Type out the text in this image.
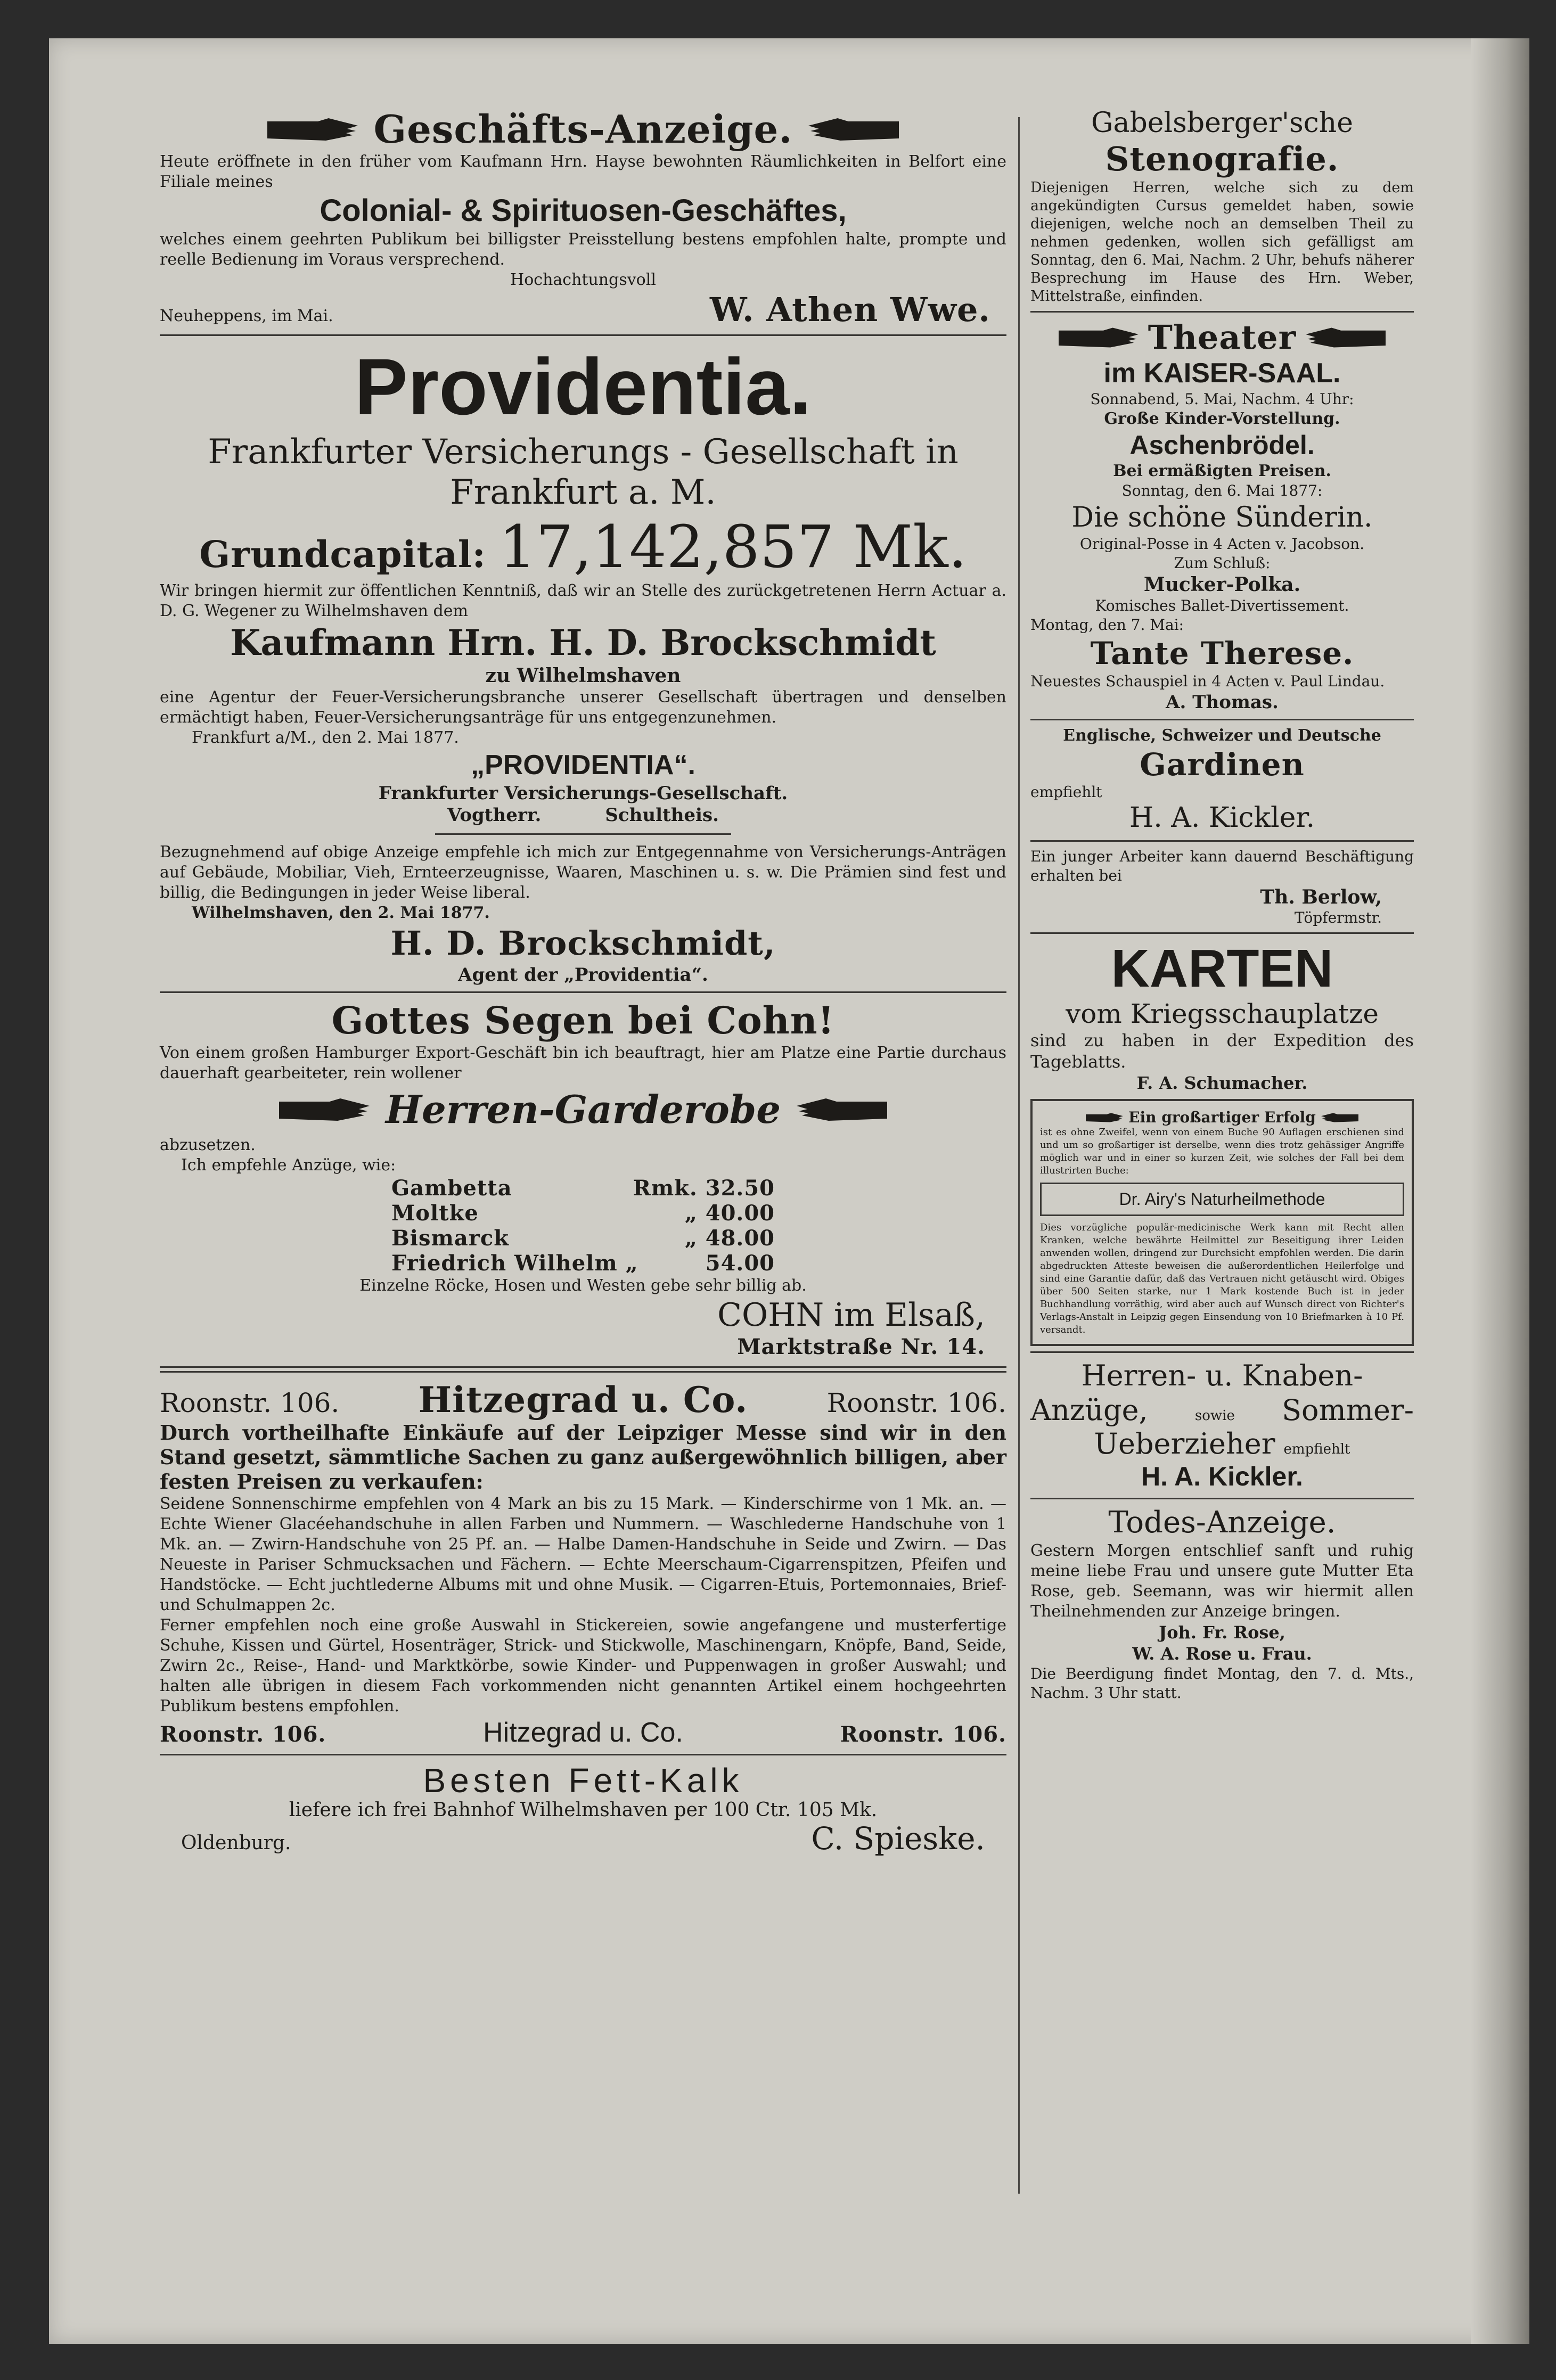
Geschäfts-Anzeige.

Heute eröffnete in den früher vom Kaufmann Hrn. Hayse bewohnten Räumlichkeiten in Belfort eine Filiale meines

Colonial- & Spirituosen-Geschäftes,

welches einem geehrten Publikum bei billigster Preisstellung bestens empfohlen halte, prompte und reelle Bedienung im Voraus versprechend.

Hochachtungsvoll

Neuheppens, im Mai.	W. Athen Wwe.

Providentia.

Frankfurter Versicherungs - Gesellschaft in

Frankfurt a. M.

Grundcapital: 17,142,857 Mk.

Wir bringen hiermit zur öffentlichen Kenntniß, daß wir an Stelle des zurückgetretenen Herrn Actuar a. D. G. Wegener zu Wilhelmshaven dem

Kaufmann Hrn. H. D. Brockschmidt

zu Wilhelmshaven

eine Agentur der Feuer-Versicherungsbranche unserer Gesellschaft übertragen und denselben ermächtigt haben, Feuer-Versicherungsanträge für uns entgegenzunehmen.

Frankfurt a/M., den 2. Mai 1877.

„PROVIDENTIA“.

Frankfurter Versicherungs-Gesellschaft.

Vogtherr.	Schultheis.

Bezugnehmend auf obige Anzeige empfehle ich mich zur Entgegennahme von Versicherungs-Anträgen auf Gebäude, Mobiliar, Vieh, Ernteerzeugnisse, Waaren, Maschinen u. s. w. Die Prämien sind fest und billig, die Bedingungen in jeder Weise liberal.

Wilhelmshaven, den 2. Mai 1877.

H. D. Brockschmidt,

Agent der „Providentia“.

Gottes Segen bei Cohn!

Von einem großen Hamburger Export-Geschäft bin ich beauftragt, hier am Platze eine Partie durchaus dauerhaft gearbeiteter, rein wollener

Herren-Garderobe

abzusetzen.

Ich empfehle Anzüge, wie:

Gambetta	Rmk. 32.50
Moltke	„ 40.00
Bismarck	„ 48.00
Friedrich Wilhelm „	54.00

Einzelne Röcke, Hosen und Westen gebe sehr billig ab.

COHN im Elsaß,

Marktstraße Nr. 14.

Roonstr. 106. Hitzegrad u. Co.	Roonstr. 106.

Durch vortheilhafte Einkäufe auf der Leipziger Messe sind wir in den Stand gesetzt, sämmtliche Sachen zu ganz außergewöhnlich billigen, aber festen Preisen zu verkaufen:

Seidene Sonnenschirme empfehlen von 4 Mark an bis zu 15 Mark. — Kinderschirme von 1 Mk. an. — Echte Wiener Glacéehandschuhe in allen Farben und Nummern. — Waschlederne Handschuhe von 1 Mk. an. — Zwirn-Handschuhe von 25 Pf. an. — Halbe Damen-Handschuhe in Seide und Zwirn. — Das Neueste in Pariser Schmucksachen und Fächern. — Echte Meerschaum-Cigarrenspitzen, Pfeifen und Handstöcke. — Echt juchtlederne Albums mit und ohne Musik. — Cigarren-Etuis, Portemonnaies, Brief- und Schulmappen 2c.

Ferner empfehlen noch eine große Auswahl in Stickereien, sowie angefangene und musterfertige Schuhe, Kissen und Gürtel, Hosenträger, Strick- und Stickwolle, Maschinengarn, Knöpfe, Band, Seide, Zwirn 2c., Reise-, Hand- und Marktkörbe, sowie Kinder- und Puppenwagen in großer Auswahl; und halten alle übrigen in diesem Fach vorkommenden nicht genannten Artikel einem hochgeehrten Publikum bestens empfohlen.

Roonstr. 106.	Hitzegrad u. Co.	Roonstr. 106.

Besten Fett-Kalk

liefere ich frei Bahnhof Wilhelmshaven per 100 Ctr. 105 Mk.

Oldenburg.	C. Spieske.

Gabelsberger'sche

Stenografie.

Diejenigen Herren, welche sich zu dem angekündigten Cursus gemeldet haben, sowie diejenigen, welche noch an demselben Theil zu nehmen gedenken, wollen sich gefälligst am Sonntag, den 6. Mai, Nachm. 2 Uhr, behufs näherer Besprechung im Hause des Hrn. Weber, Mittelstraße, einfinden.

Theater

im KAISER-SAAL.

Sonnabend, 5. Mai, Nachm. 4 Uhr:

Große Kinder-Vorstellung.

Aschenbrödel.

Bei ermäßigten Preisen.

Sonntag, den 6. Mai 1877:

Die schöne Sünderin.

Original-Posse in 4 Acten v. Jacobson.

Zum Schluß:

Mucker-Polka.

Komisches Ballet-Divertissement.

Montag, den 7. Mai:

Tante Therese.

Neuestes Schauspiel in 4 Acten v. Paul Lindau.

A. Thomas.

Englische, Schweizer und Deutsche

Gardinen

empfiehlt

H. A. Kickler.

Ein junger Arbeiter kann dauernd Beschäftigung erhalten bei

Th. Berlow,

Töpfermstr.

KARTEN

vom Kriegsschauplatze

sind zu haben in der Expedition des Tageblatts.

F. A. Schumacher.

Ein großartiger Erfolg

ist es ohne Zweifel, wenn von einem Buche 90 Auflagen erschienen sind und um so großartiger ist derselbe, wenn dies trotz gehässiger Angriffe möglich war und in einer so kurzen Zeit, wie solches der Fall bei dem illustrirten Buche:

Dr. Airy's Naturheilmethode

Dies vorzügliche populär-medicinische Werk kann mit Recht allen Kranken, welche bewährte Heilmittel zur Beseitigung ihrer Leiden anwenden wollen, dringend zur Durchsicht empfohlen werden. Die darin abgedruckten Atteste beweisen die außerordentlichen Heilerfolge und sind eine Garantie dafür, daß das Vertrauen nicht getäuscht wird. Obiges über 500 Seiten starke, nur 1 Mark kostende Buch ist in jeder Buchhandlung vorräthig, wird aber auch auf Wunsch direct von Richter's Verlags-Anstalt in Leipzig gegen Einsendung von 10 Briefmarken à 10 Pf. versandt.

Herren- u. Knaben-

Anzüge,	sowie Sommer-
Ueberzieher empfiehlt

H. A. Kickler.

Todes-Anzeige.

Gestern Morgen entschlief sanft und ruhig meine liebe Frau und unsere gute Mutter Eta Rose, geb. Seemann, was wir hiermit allen Theilnehmenden zur Anzeige bringen.

Joh. Fr. Rose,

W. A. Rose u. Frau.

Die Beerdigung findet Montag, den 7. d. Mts., Nachm. 3 Uhr statt.
